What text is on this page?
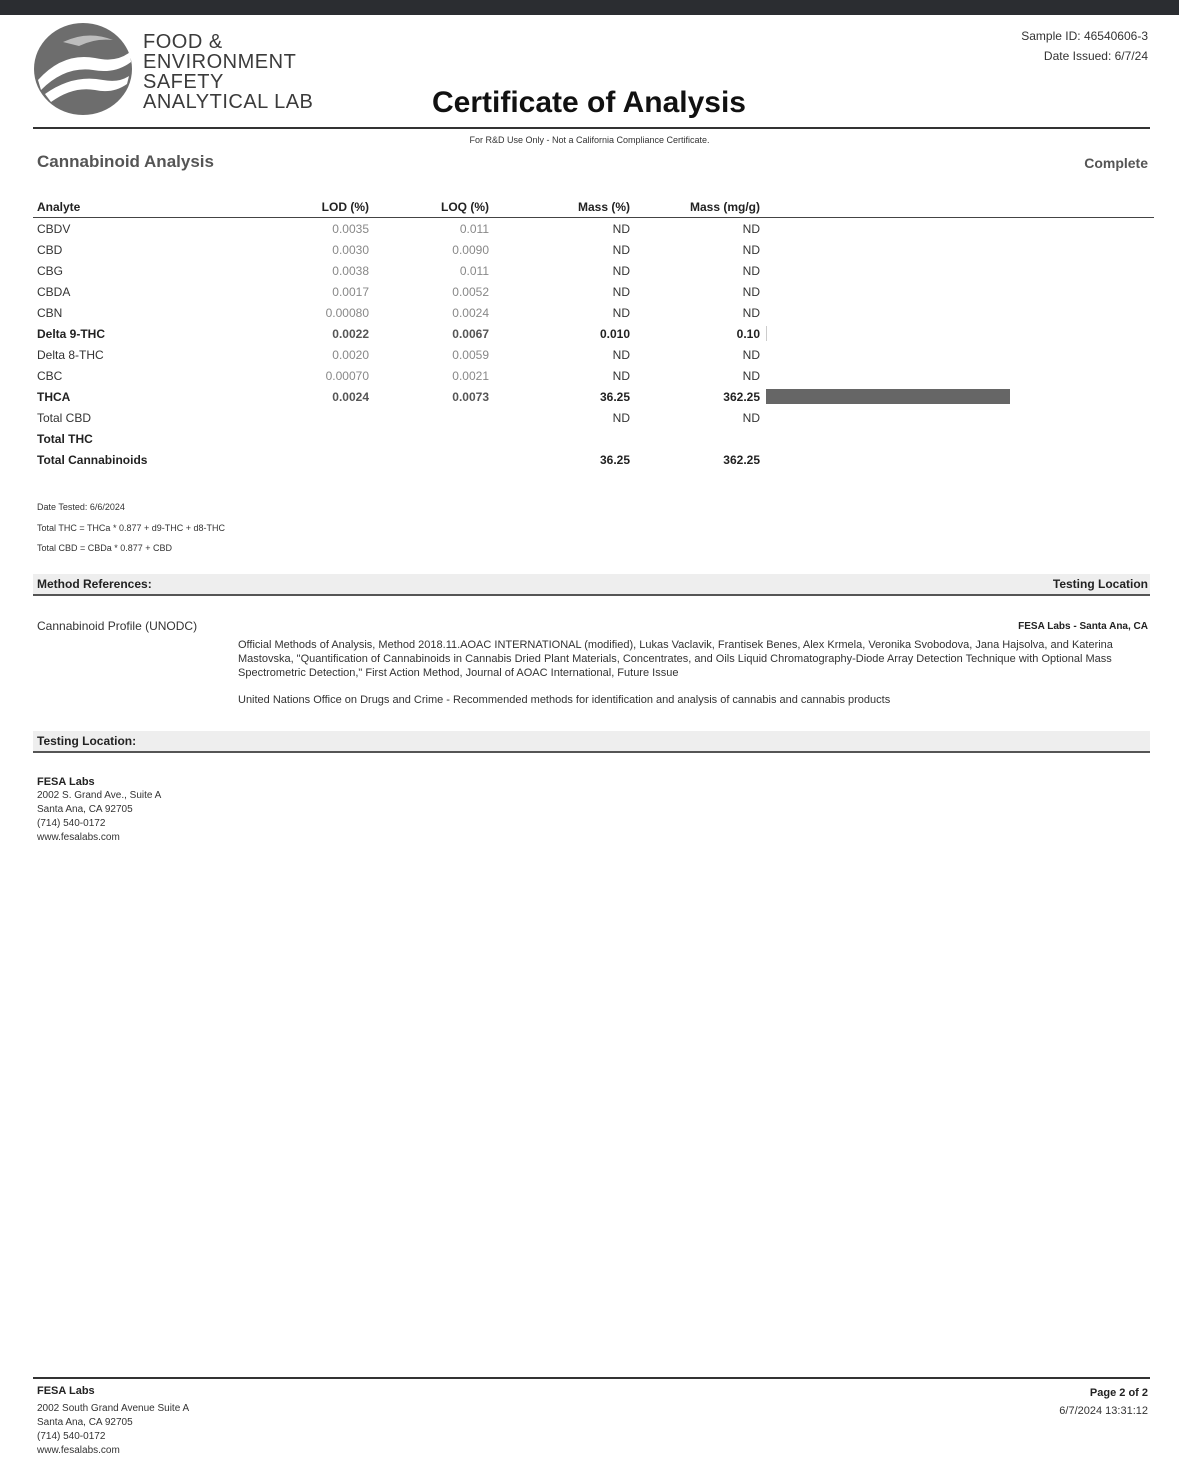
FOOD &
ENVIRONMENT
SAFETY
ANALYTICAL LAB
Sample ID: 46540606-3
Date Issued: 6/7/24
Certificate of Analysis
For R&D Use Only - Not a California Compliance Certificate.
Cannabinoid Analysis	Complete
Analyte	LOD (%)	LOQ (%)	Mass (%)	Mass (mg/g)	
CBDV	0.0035	0.011	ND	ND	
CBD	0.0030	0.0090	ND	ND	
CBG	0.0038	0.011	ND	ND	
CBDA	0.0017	0.0052	ND	ND	
CBN	0.00080	0.0024	ND	ND	
Delta 9-THC	0.0022	0.0067	0.010	0.10	

Delta 8-THC	0.0020	0.0059	ND	ND	
CBC	0.00070	0.0021	ND	ND	
THCA	0.0024	0.0073	36.25	362.25	

Total CBD			ND	ND	
Total THC					
Total Cannabinoids			36.25	362.25	
Date Tested: 6/6/2024
Total THC = THCa * 0.877 + d9-THC + d8-THC
Total CBD = CBDa * 0.877 + CBD
Method References:	Testing Location
Cannabinoid Profile (UNODC)	FESA Labs - Santa Ana, CA
Official Methods of Analysis, Method 2018.11.AOAC INTERNATIONAL (modified), Lukas Vaclavik, Frantisek Benes, Alex Krmela, Veronika Svobodova, Jana Hajsolva, and Katerina Mastovska, "Quantification of Cannabinoids in Cannabis Dried Plant Materials, Concentrates, and Oils Liquid Chromatography-Diode Array Detection Technique with Optional Mass Spectrometric Detection," First Action Method, Journal of AOAC International, Future Issue
United Nations Office on Drugs and Crime - Recommended methods for identification and analysis of cannabis and cannabis products
Testing Location:
FESA Labs
2002 S. Grand Ave., Suite A
Santa Ana, CA 92705
(714) 540-0172
www.fesalabs.com
FESA Labs
2002 South Grand Avenue Suite A
Santa Ana, CA 92705
(714) 540-0172
www.fesalabs.com
Page 2 of 2
6/7/2024 13:31:12
